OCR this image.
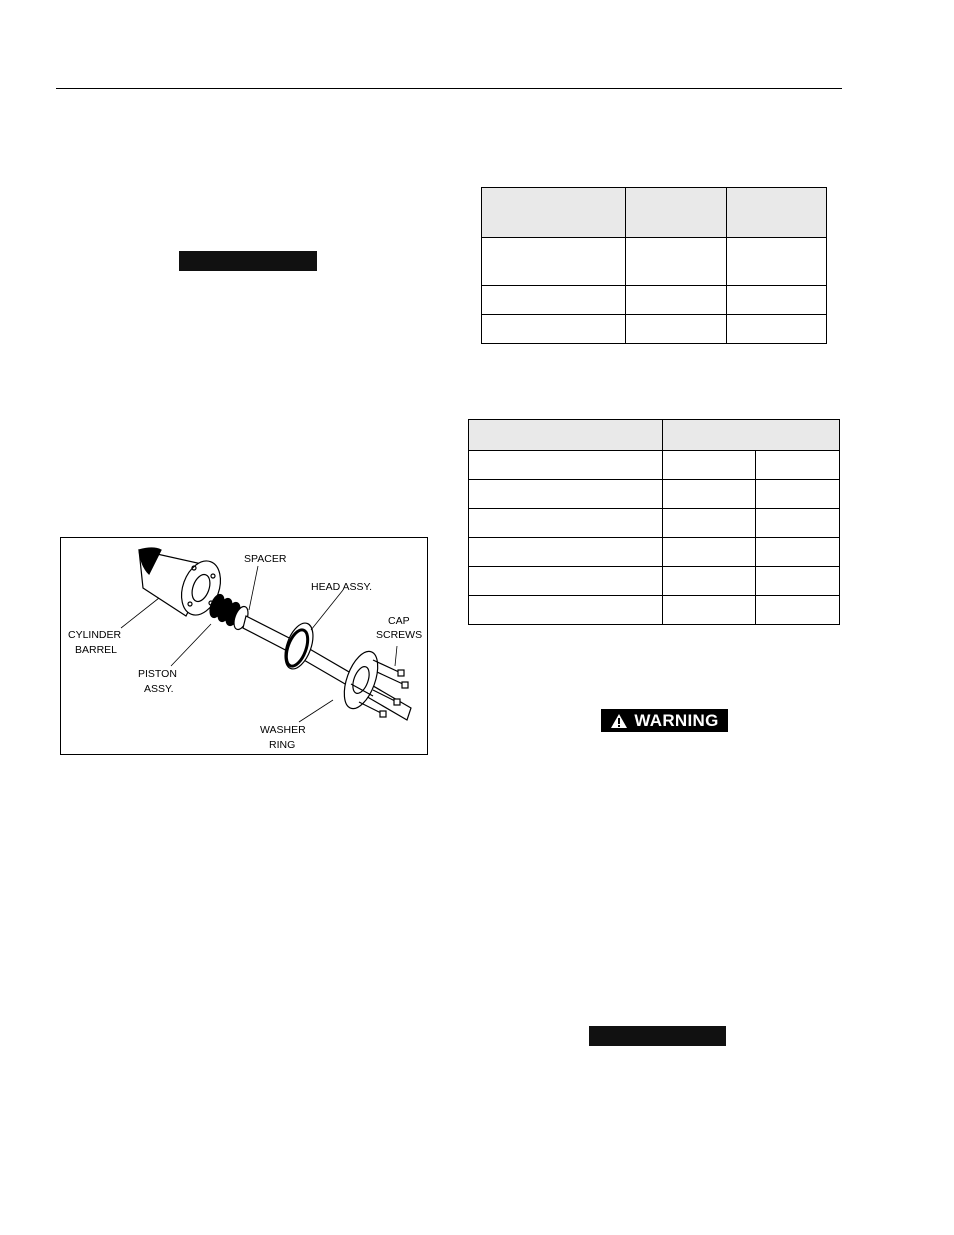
SPACER
HEAD ASSY.
CAP
SCREWS
CYLINDER
BARREL
PISTON
ASSY.
WASHER
RING
WARNING
